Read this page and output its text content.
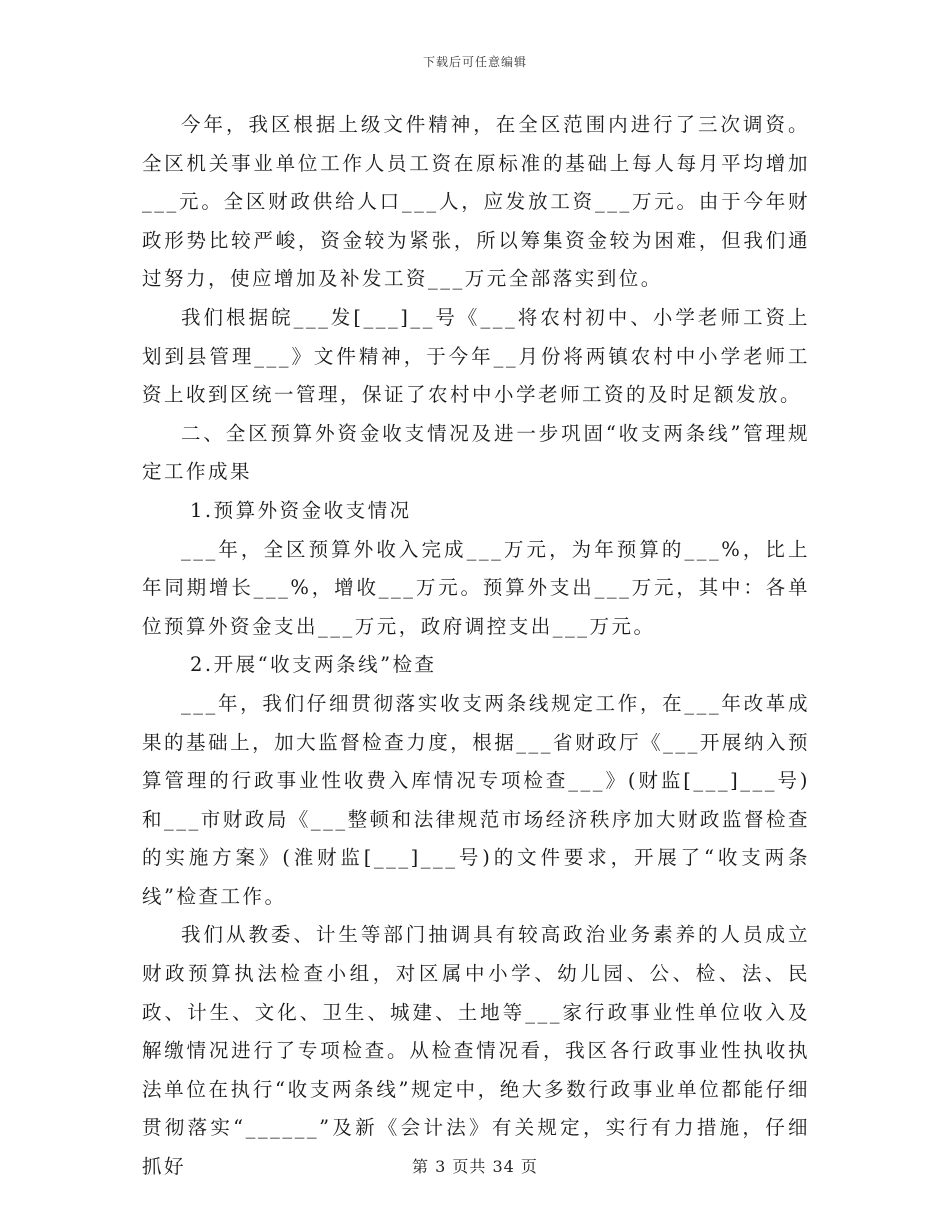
下载后可任意编辑

今年，我区根据上级文件精神，在全区范围内进行了三次调资。全区机关事业单位工作人员工资在原标准的基础上每人每月平均增加___元。全区财政供给人口___人，应发放工资___万元。由于今年财政形势比较严峻，资金较为紧张，所以筹集资金较为困难，但我们通过努力，使应增加及补发工资___万元全部落实到位。

我们根据皖___发[___]__号《___将农村初中、小学老师工资上划到县管理___》文件精神，于今年__月份将两镇农村中小学老师工资上收到区统一管理，保证了农村中小学老师工资的及时足额发放。

二、全区预算外资金收支情况及进一步巩固“收支两条线”管理规定工作成果

1.预算外资金收支情况

___年，全区预算外收入完成___万元，为年预算的___%，比上年同期增长___%，增收___万元。预算外支出___万元，其中：各单位预算外资金支出___万元，政府调控支出___万元。

2.开展“收支两条线”检查

___年，我们仔细贯彻落实收支两条线规定工作，在___年改革成果的基础上，加大监督检查力度，根据___省财政厅《___开展纳入预算管理的行政事业性收费入库情况专项检查___》(财监[___]___号)和___市财政局《___整顿和法律规范市场经济秩序加大财政监督检查的实施方案》(淮财监[___]___号)的文件要求，开展了“收支两条线”检查工作。

我们从教委、计生等部门抽调具有较高政治业务素养的人员成立财政预算执法检查小组，对区属中小学、幼儿园、公、检、法、民政、计生、文化、卫生、城建、土地等___家行政事业性单位收入及解缴情况进行了专项检查。从检查情况看，我区各行政事业性执收执法单位在执行“收支两条线”规定中，绝大多数行政事业单位都能仔细贯彻落实“______”及新《会计法》有关规定，实行有力措施，仔细抓好	第 3 页共 34 页
